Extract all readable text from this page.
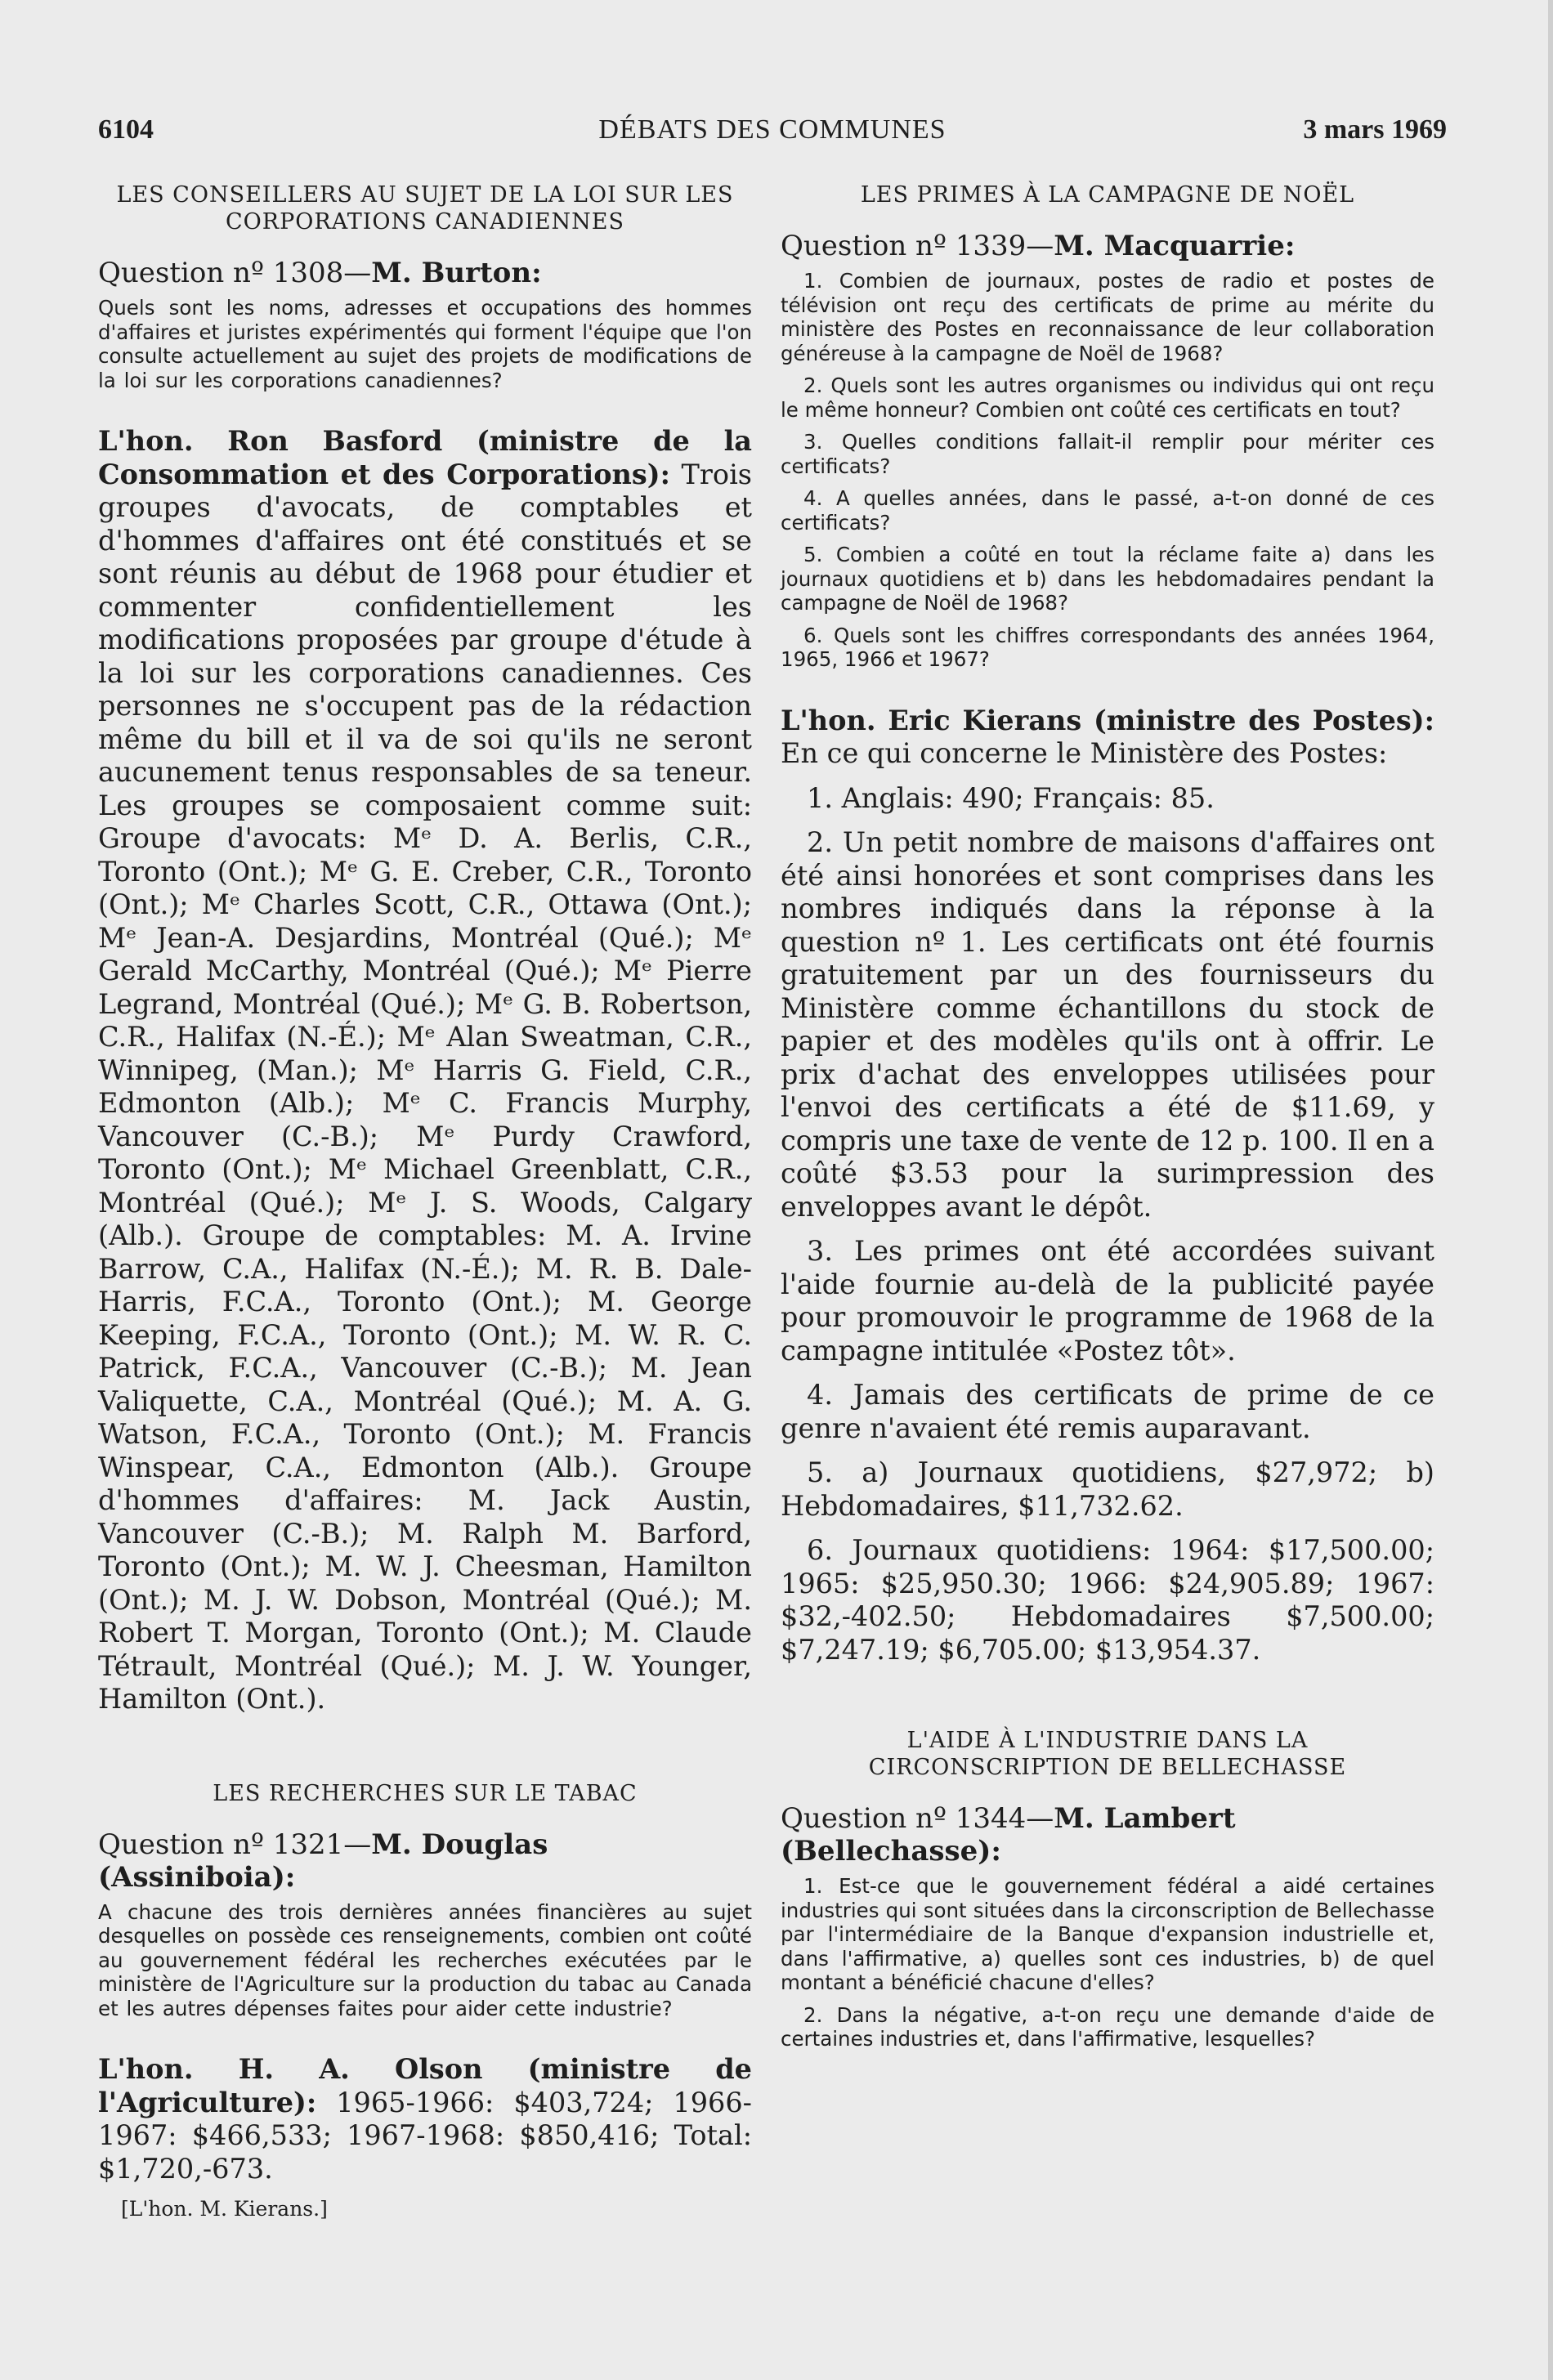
6104	DÉBATS DES COMMUNES	3 mars 1969
LES CONSEILLERS AU SUJET DE LA LOI SUR LES CORPORATIONS CANADIENNES
Question nº 1308—M. Burton:

Quels sont les noms, adresses et occupations des hommes d'affaires et juristes expérimentés qui forment l'équipe que l'on consulte actuellement au sujet des projets de modifications de la loi sur les corporations canadiennes?

L'hon. Ron Basford (ministre de la Consommation et des Corporations): Trois groupes d'avocats, de comptables et d'hommes d'affaires ont été constitués et se sont réunis au début de 1968 pour étudier et commenter confidentiellement les modifications proposées par groupe d'étude à la loi sur les corporations canadiennes. Ces personnes ne s'occupent pas de la rédaction même du bill et il va de soi qu'ils ne seront aucunement tenus responsables de sa teneur. Les groupes se composaient comme suit: Groupe d'avocats: Mᵉ D. A. Berlis, C.R., Toronto (Ont.); Mᵉ G. E. Creber, C.R., Toronto (Ont.); Mᵉ Charles Scott, C.R., Ottawa (Ont.); Mᵉ Jean-A. Desjardins, Montréal (Qué.); Mᵉ Gerald McCarthy, Montréal (Qué.); Mᵉ Pierre Legrand, Montréal (Qué.); Mᵉ G. B. Robertson, C.R., Halifax (N.-É.); Mᵉ Alan Sweatman, C.R., Winnipeg, (Man.); Mᵉ Harris G. Field, C.R., Edmonton (Alb.); Mᵉ C. Francis Murphy, Vancouver (C.-B.); Mᵉ Purdy Crawford, Toronto (Ont.); Mᵉ Michael Greenblatt, C.R., Montréal (Qué.); Mᵉ J. S. Woods, Calgary (Alb.). Groupe de comptables: M. A. Irvine Barrow, C.A., Halifax (N.-É.); M. R. B. Dale-Harris, F.C.A., Toronto (Ont.); M. George Keeping, F.C.A., Toronto (Ont.); M. W. R. C. Patrick, F.C.A., Vancouver (C.-B.); M. Jean Valiquette, C.A., Montréal (Qué.); M. A. G. Watson, F.C.A., Toronto (Ont.); M. Francis Winspear, C.A., Edmonton (Alb.). Groupe d'hommes d'affaires: M. Jack Austin, Vancouver (C.-B.); M. Ralph M. Barford, Toronto (Ont.); M. W. J. Cheesman, Hamilton (Ont.); M. J. W. Dobson, Montréal (Qué.); M. Robert T. Morgan, Toronto (Ont.); M. Claude Tétrault, Montréal (Qué.); M. J. W. Younger, Hamilton (Ont.).

LES RECHERCHES SUR LE TABAC
Question nº 1321—M. Douglas (Assiniboia):

A chacune des trois dernières années financières au sujet desquelles on possède ces renseignements, combien ont coûté au gouvernement fédéral les recherches exécutées par le ministère de l'Agriculture sur la production du tabac au Canada et les autres dépenses faites pour aider cette industrie?

L'hon. H. A. Olson (ministre de l'Agriculture): 1965-1966: $403,724; 1966-1967: $466,533; 1967-1968: $850,416; Total: $1,720,-673.

[L'hon. M. Kierans.]
LES PRIMES À LA CAMPAGNE DE NOËL
Question nº 1339—M. Macquarrie:

1. Combien de journaux, postes de radio et postes de télévision ont reçu des certificats de prime au mérite du ministère des Postes en reconnaissance de leur collaboration généreuse à la campagne de Noël de 1968?

2. Quels sont les autres organismes ou individus qui ont reçu le même honneur? Combien ont coûté ces certificats en tout?

3. Quelles conditions fallait-il remplir pour mériter ces certificats?

4. A quelles années, dans le passé, a-t-on donné de ces certificats?

5. Combien a coûté en tout la réclame faite a) dans les journaux quotidiens et b) dans les hebdomadaires pendant la campagne de Noël de 1968?

6. Quels sont les chiffres correspondants des années 1964, 1965, 1966 et 1967?

L'hon. Eric Kierans (ministre des Postes): En ce qui concerne le Ministère des Postes:

1. Anglais: 490; Français: 85.

2. Un petit nombre de maisons d'affaires ont été ainsi honorées et sont comprises dans les nombres indiqués dans la réponse à la question nº 1. Les certificats ont été fournis gratuitement par un des fournisseurs du Ministère comme échantillons du stock de papier et des modèles qu'ils ont à offrir. Le prix d'achat des enveloppes utilisées pour l'envoi des certificats a été de $11.69, y compris une taxe de vente de 12 p. 100. Il en a coûté $3.53 pour la surimpression des enveloppes avant le dépôt.

3. Les primes ont été accordées suivant l'aide fournie au-delà de la publicité payée pour promouvoir le programme de 1968 de la campagne intitulée «Postez tôt».

4. Jamais des certificats de prime de ce genre n'avaient été remis auparavant.

5. a) Journaux quotidiens, $27,972; b) Hebdomadaires, $11,732.62.

6. Journaux quotidiens: 1964: $17,500.00; 1965: $25,950.30; 1966: $24,905.89; 1967: $32,-402.50; Hebdomadaires $7,500.00; $7,247.19; $6,705.00; $13,954.37.

L'AIDE À L'INDUSTRIE DANS LA CIRCONSCRIPTION DE BELLECHASSE
Question nº 1344—M. Lambert (Bellechasse):

1. Est-ce que le gouvernement fédéral a aidé certaines industries qui sont situées dans la circonscription de Bellechasse par l'intermédiaire de la Banque d'expansion industrielle et, dans l'affirmative, a) quelles sont ces industries, b) de quel montant a bénéficié chacune d'elles?

2. Dans la négative, a-t-on reçu une demande d'aide de certaines industries et, dans l'affirmative, lesquelles?
